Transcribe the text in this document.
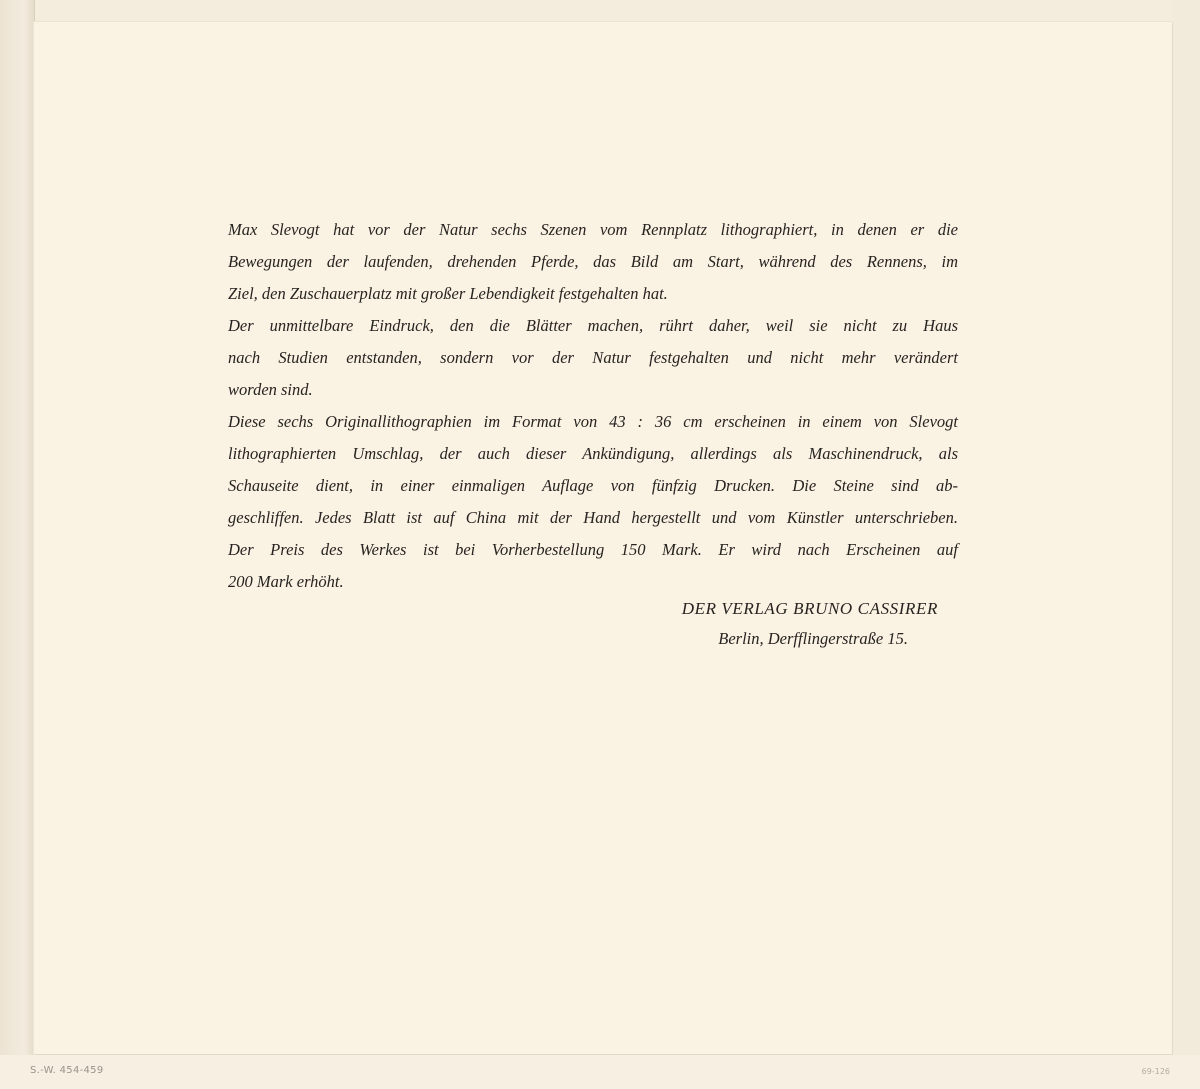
Max Slevogt hat vor der Natur sechs Szenen vom Rennplatz lithographiert, in denen er die
Bewegungen der laufenden, drehenden Pferde, das Bild am Start, während des Rennens, im
Ziel, den Zuschauerplatz mit großer Lebendigkeit festgehalten hat.
Der unmittelbare Eindruck, den die Blätter machen, rührt daher, weil sie nicht zu Haus
nach Studien entstanden, sondern vor der Natur festgehalten und nicht mehr verändert
worden sind.
Diese sechs Originallithographien im Format von 43 : 36 cm erscheinen in einem von Slevogt
lithographierten Umschlag, der auch dieser Ankündigung, allerdings als Maschinendruck, als
Schauseite dient, in einer einmaligen Auflage von fünfzig Drucken. Die Steine sind ab-
geschliffen. Jedes Blatt ist auf China mit der Hand hergestellt und vom Künstler unterschrieben.
Der Preis des Werkes ist bei Vorherbestellung 150 Mark. Er wird nach Erscheinen auf
200 Mark erhöht.
DER VERLAG BRUNO CASSIRER
Berlin, Derfflingerstraße 15.
S.-W. 454-459	69-126
